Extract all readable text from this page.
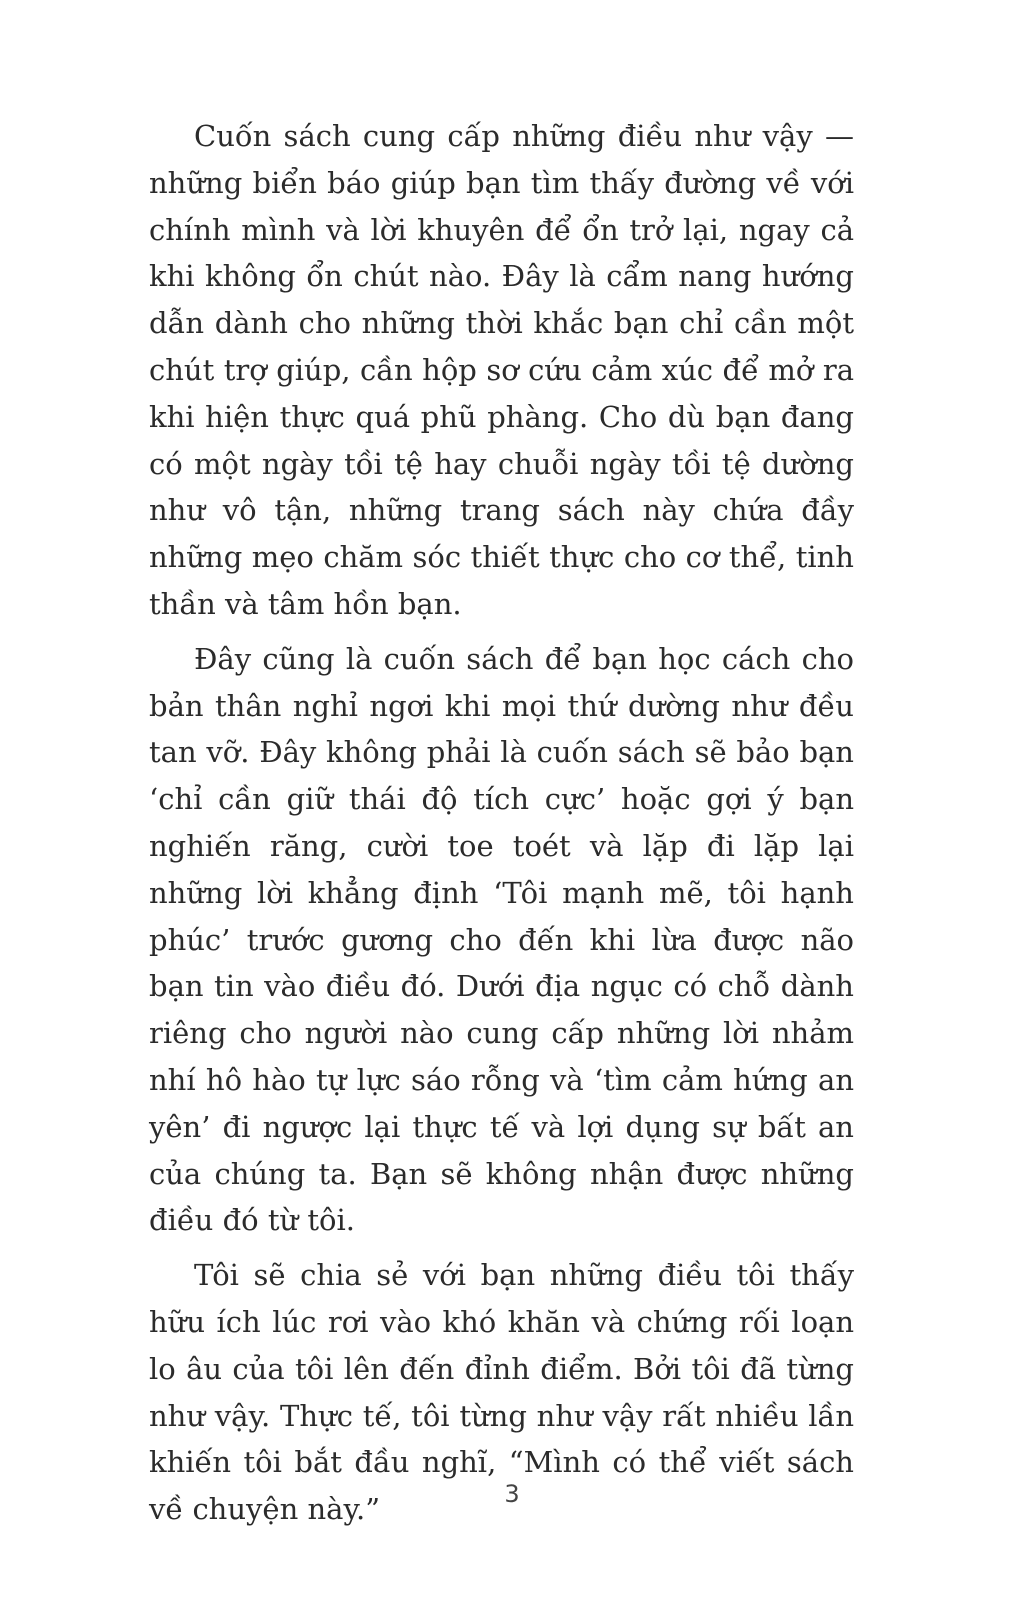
Cuốn sách cung cấp những điều như vậy — những biển báo giúp bạn tìm thấy đường về với chính mình và lời khuyên để ổn trở lại, ngay cả khi không ổn chút nào. Đây là cẩm nang hướng dẫn dành cho những thời khắc bạn chỉ cần một chút trợ giúp, cần hộp sơ cứu cảm xúc để mở ra khi hiện thực quá phũ phàng. Cho dù bạn đang có một ngày tồi tệ hay chuỗi ngày tồi tệ dường như vô tận, những trang sách này chứa đầy những mẹo chăm sóc thiết thực cho cơ thể, tinh thần và tâm hồn bạn.

Đây cũng là cuốn sách để bạn học cách cho bản thân nghỉ ngơi khi mọi thứ dường như đều tan vỡ. Đây không phải là cuốn sách sẽ bảo bạn ‘chỉ cần giữ thái độ tích cực’ hoặc gợi ý bạn nghiến răng, cười toe toét và lặp đi lặp lại những lời khẳng định ‘Tôi mạnh mẽ, tôi hạnh phúc’ trước gương cho đến khi lừa được não bạn tin vào điều đó. Dưới địa ngục có chỗ dành riêng cho người nào cung cấp những lời nhảm nhí hô hào tự lực sáo rỗng và ‘tìm cảm hứng an yên’ đi ngược lại thực tế và lợi dụng sự bất an của chúng ta. Bạn sẽ không nhận được những điều đó từ tôi.

Tôi sẽ chia sẻ với bạn những điều tôi thấy hữu ích lúc rơi vào khó khăn và chứng rối loạn lo âu của tôi lên đến đỉnh điểm. Bởi tôi đã từng như vậy. Thực tế, tôi từng như vậy rất nhiều lần khiến tôi bắt đầu nghĩ, “Mình có thể viết sách về chuyện này.”	3
